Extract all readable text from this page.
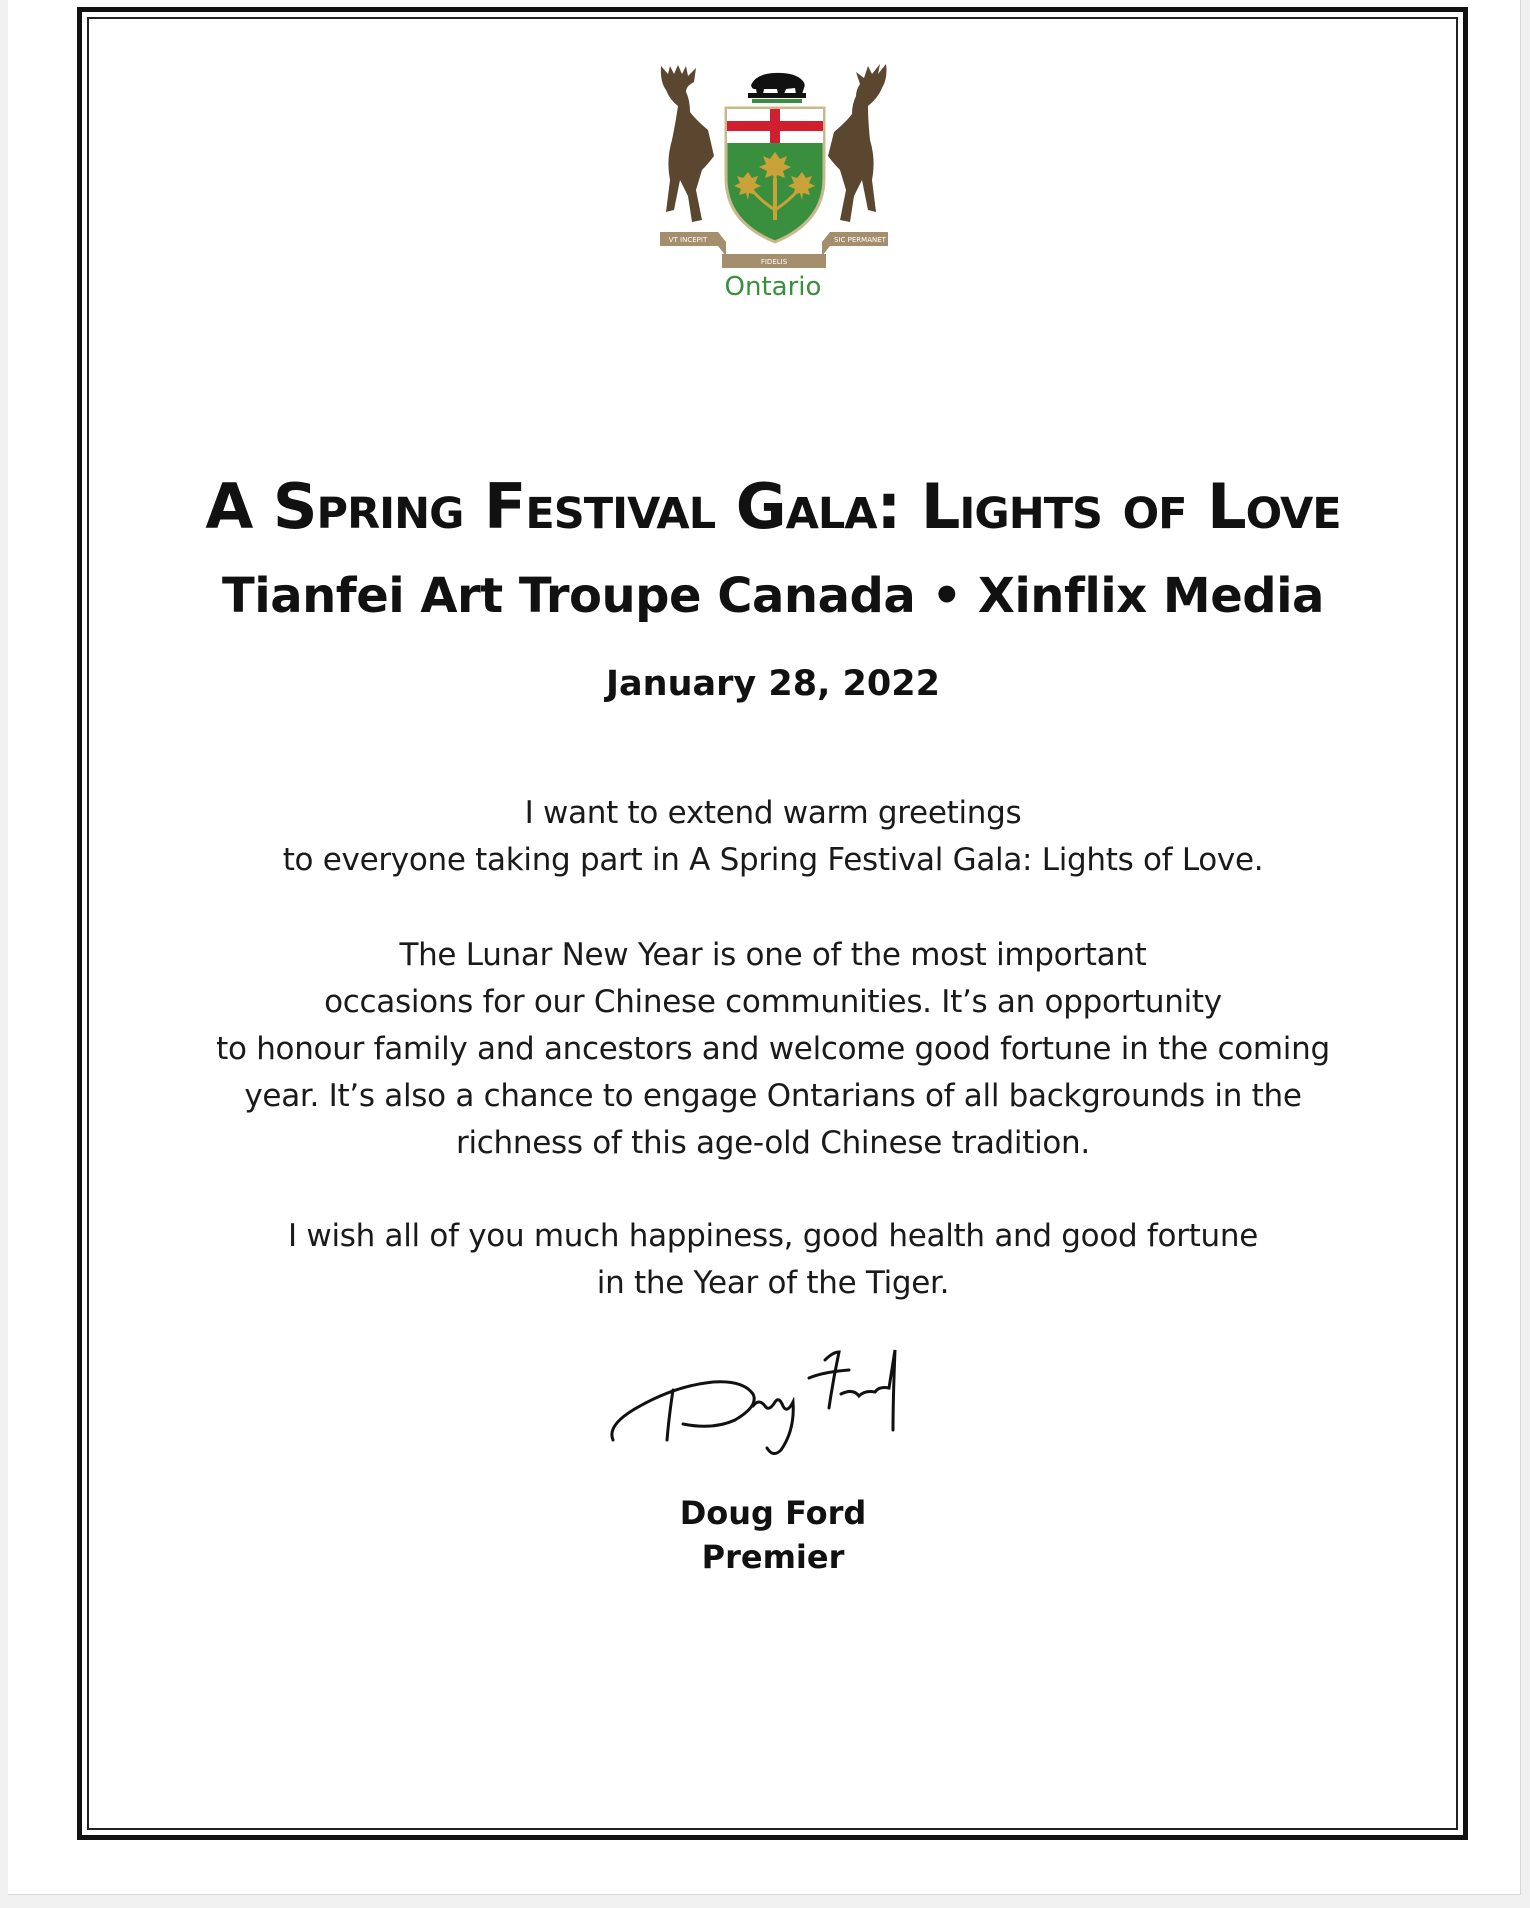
VT INCEPIT
FIDELIS
SIC PERMANET
Ontario
A Spring Festival Gala: Lights of Love
Tianfei Art Troupe Canada • Xinflix Media
January 28, 2022
I want to extend warm greetings
to everyone taking part in A Spring Festival Gala: Lights of Love.
The Lunar New Year is one of the most important
occasions for our Chinese communities. It’s an opportunity
to honour family and ancestors and welcome good fortune in the coming
year. It’s also a chance to engage Ontarians of all backgrounds in the
richness of this age-old Chinese tradition.
I wish all of you much happiness, good health and good fortune
in the Year of the Tiger.
Doug Ford
Premier
